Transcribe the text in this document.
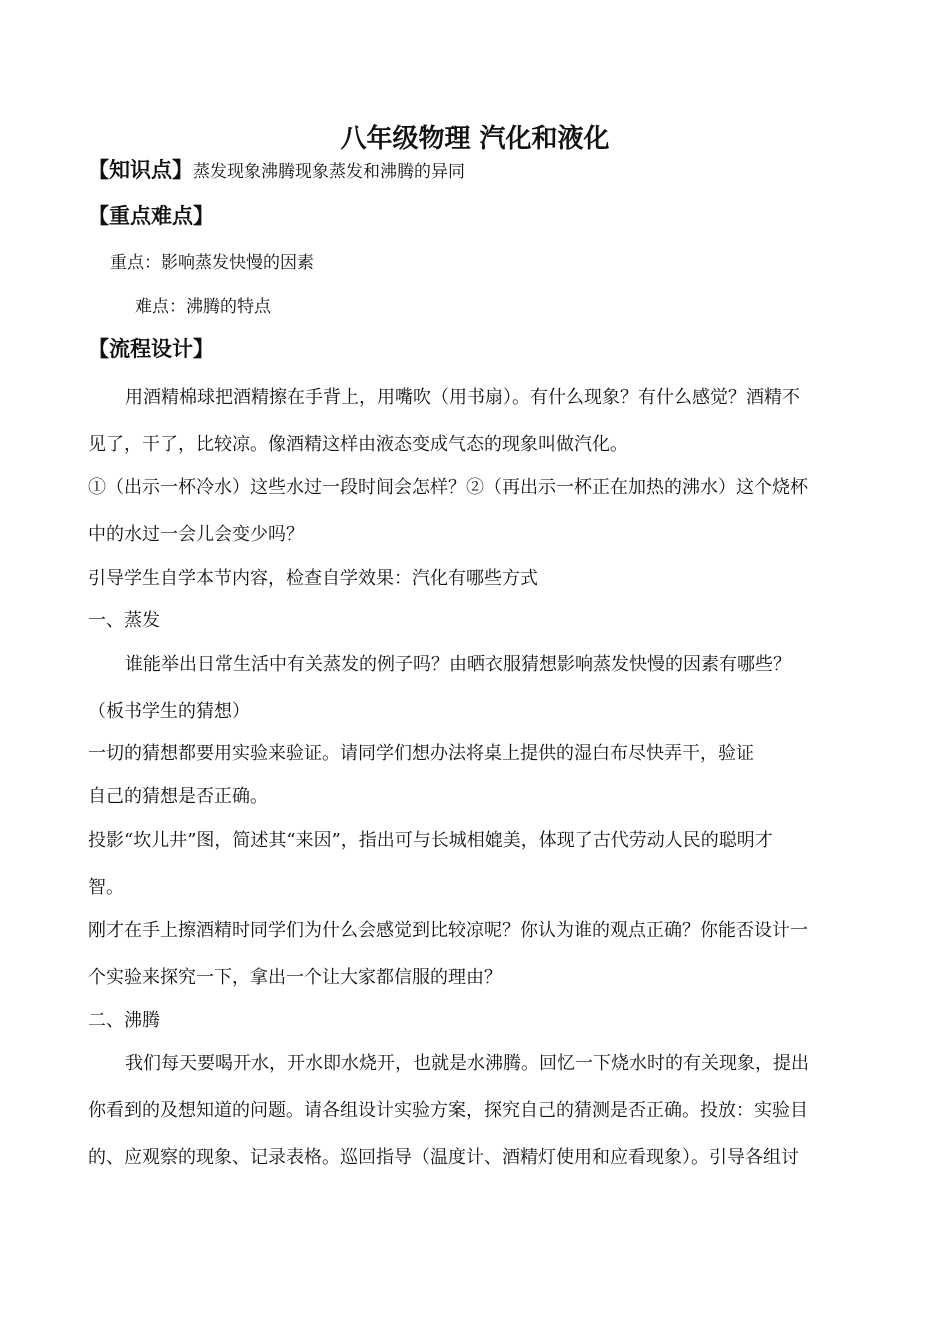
八年级物理 汽化和液化
【知识点】蒸发现象沸腾现象蒸发和沸腾的异同
【重点难点】
重点：影响蒸发快慢的因素
难点：沸腾的特点
【流程设计】
用酒精棉球把酒精擦在手背上，用嘴吹（用书扇）。有什么现象？有什么感觉？酒精不
见了，干了，比较凉。像酒精这样由液态变成气态的现象叫做汽化。
①（出示一杯冷水）这些水过一段时间会怎样？②（再出示一杯正在加热的沸水）这个烧杯
中的水过一会儿会变少吗？
引导学生自学本节内容，检查自学效果：汽化有哪些方式
一、蒸发
谁能举出日常生活中有关蒸发的例子吗？由晒衣服猜想影响蒸发快慢的因素有哪些？
（板书学生的猜想）
一切的猜想都要用实验来验证。请同学们想办法将桌上提供的湿白布尽快弄干，验证
自己的猜想是否正确。
投影“坎儿井”图，简述其“来因”，指出可与长城相媲美，体现了古代劳动人民的聪明才
智。
刚才在手上擦酒精时同学们为什么会感觉到比较凉呢？你认为谁的观点正确？你能否设计一
个实验来探究一下，拿出一个让大家都信服的理由？
二、沸腾
我们每天要喝开水，开水即水烧开，也就是水沸腾。回忆一下烧水时的有关现象，提出
你看到的及想知道的问题。请各组设计实验方案，探究自己的猜测是否正确。投放：实验目
的、应观察的现象、记录表格。巡回指导（温度计、酒精灯使用和应看现象）。引导各组讨
